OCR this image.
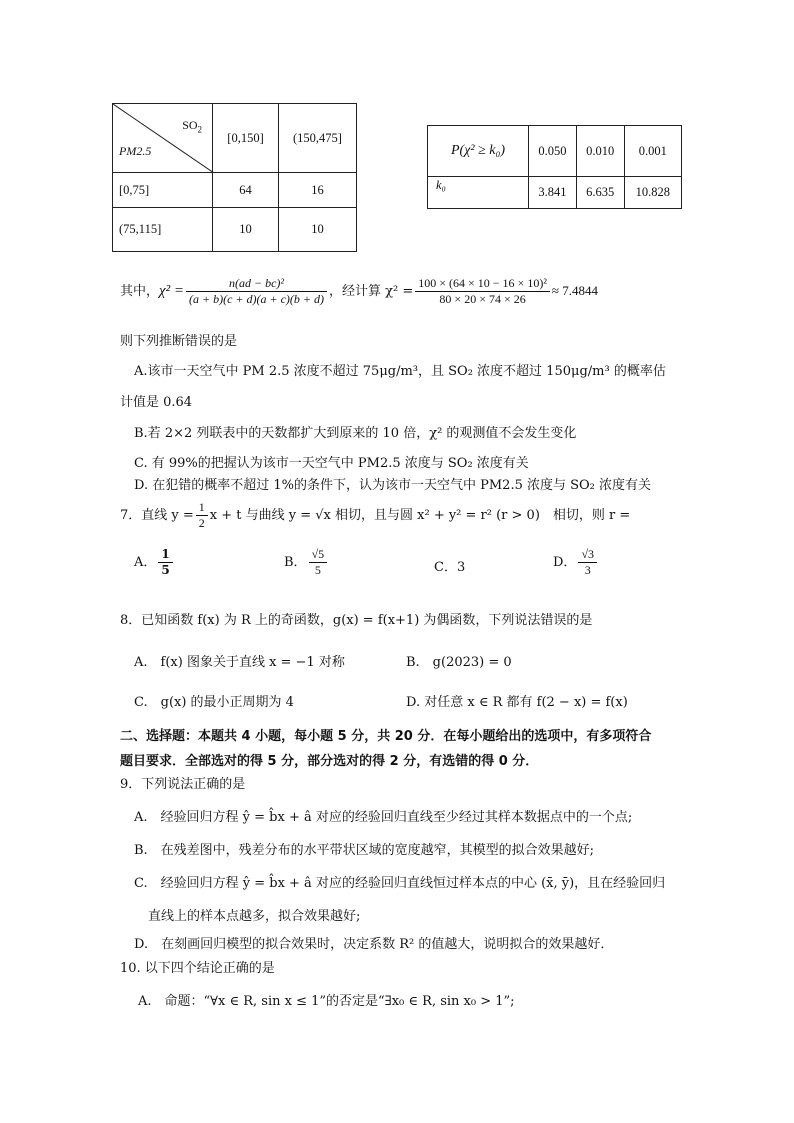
$SO_2$
PM2.5	[0,150]	(150,475]
[0,75]	64	16
(75,115]	10	10
P(χ² ≥ k₀)	0.050	0.010	0.001
k₀	3.841	6.635	10.828
其中，$\chi^2 = \frac{\text{n(ad − bc)²}}{(a + b)(c + d)(a + c)(b + d)}$ ，经计算 $\chi^2 = \frac{\text{100 × (64 × 10 − 16 × 10)²}}{80 \times 20 \times 74 \times 26} \approx 7.4844$
则下列推断错误的是
A.该市一天空气中 PM 2.5 浓度不超过 75μg/m³，且 SO₂ 浓度不超过 150μg/m³ 的概率估
计值是 0.64
B.若 2×2 列联表中的天数都扩大到原来的 10 倍，χ² 的观测值不会发生变化
C. 有 99%的把握认为该市一天空气中 PM2.5 浓度与 SO₂ 浓度有关
D. 在犯错的概率不超过 1%的条件下，认为该市一天空气中 PM2.5 浓度与 SO₂ 浓度有关
7．直线 $y = \frac{1}{2}$ x + t 与曲线 y = √x 相切，且与圆 x² + y² = r² (r > 0)　相切，则 r =
A． $\frac{1}{5}$	B． $\frac{√5}{5}$	C．3	D． $\frac{√3}{3}$
8．已知函数 f(x) 为 R 上的奇函数，g(x) = f(x+1) 为偶函数，下列说法错误的是
A.　f(x) 图象关于直线 x = −1 对称	B.　g(2023) = 0
C.　g(x) 的最小正周期为 4	D. 对任意 x ∈ R 都有 f(2 − x) = f(x)
二、选择题：本题共 4 小题，每小题 5 分，共 20 分．在每小题给出的选项中，有多项符合
题目要求．全部选对的得 5 分，部分选对的得 2 分，有选错的得 0 分．
9．下列说法正确的是
A.　经验回归方程 ŷ = b̂x + â 对应的经验回归直线至少经过其样本数据点中的一个点;
B.　在残差图中，残差分布的水平带状区域的宽度越窄，其模型的拟合效果越好;
C.　经验回归方程 ŷ = b̂x + â 对应的经验回归直线恒过样本点的中心 (x̄, ȳ)，且在经验回归
直线上的样本点越多，拟合效果越好;
D.　在刻画回归模型的拟合效果时，决定系数 R² 的值越大，说明拟合的效果越好．
10. 以下四个结论正确的是
A.　命题：“∀x ∈ R, sin x ≤ 1”的否定是“∃x₀ ∈ R, sin x₀ > 1”;
